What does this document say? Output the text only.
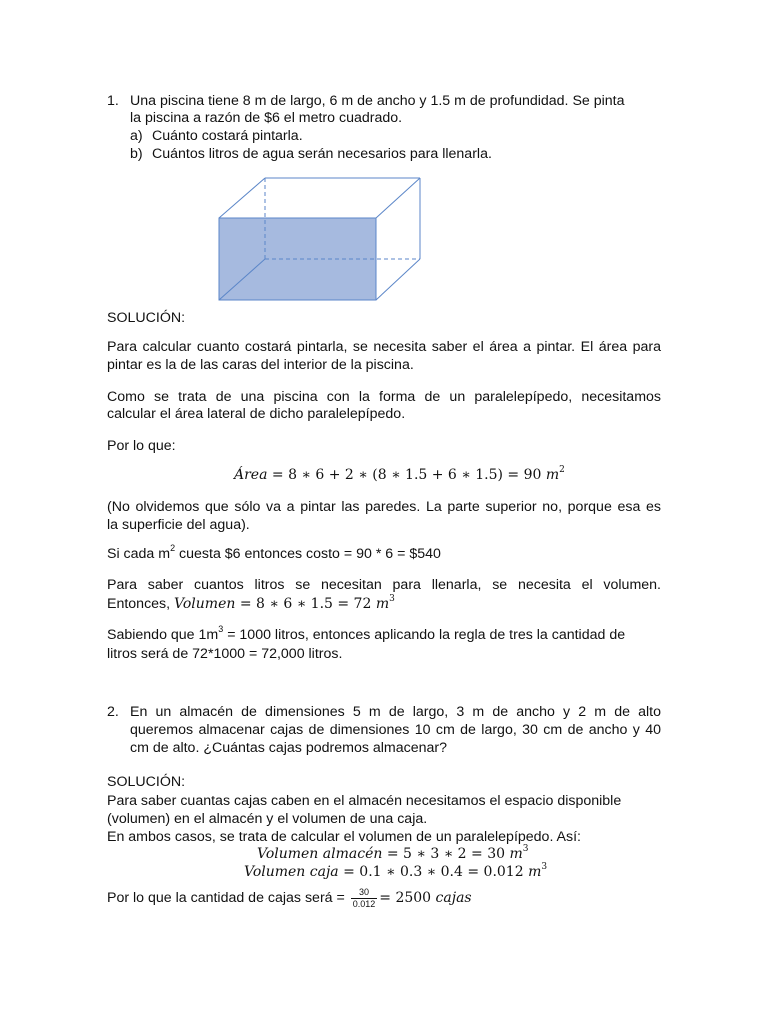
1. Una piscina tiene 8 m de largo, 6 m de ancho y 1.5 m de profundidad. Se pinta
la piscina a razón de $6 el metro cuadrado.
a) Cuánto costará pintarla.
b) Cuántos litros de agua serán necesarios para llenarla.
SOLUCIÓN:
Para calcular cuanto costará pintarla, se necesita saber el área a pintar. El área para
pintar es la de las caras del interior de la piscina.
Como se trata de una piscina con la forma de un paralelepípedo, necesitamos
calcular el área lateral de dicho paralelepípedo.
Por lo que:
Área = 8 ∗ 6 + 2 ∗ (8 ∗ 1.5 + 6 ∗ 1.5) = 90 $m^2$
(No olvidemos que sólo va a pintar las paredes. La parte superior no, porque esa es
la superficie del agua).
Si cada $m^2$ cuesta $6 entonces costo = 90 * 6 = $540
Para saber cuantos litros se necesitan para llenarla, se necesita el volumen.
Entonces, Volumen = 8 ∗ 6 ∗ 1.5 = 72 $m^3$
Sabiendo que $1m^3 = 1000$ litros, entonces aplicando la regla de tres la cantidad de
litros será de 72*1000 = 72,000 litros.
2. En un almacén de dimensiones 5 m de largo, 3 m de ancho y 2 m de alto
queremos almacenar cajas de dimensiones 10 cm de largo, 30 cm de ancho y 40
cm de alto. ¿Cuántas cajas podremos almacenar?
SOLUCIÓN:
Para saber cuantas cajas caben en el almacén necesitamos el espacio disponible
(volumen) en el almacén y el volumen de una caja.
En ambos casos, se trata de calcular el volumen de un paralelepípedo. Así:
Volumen almacén = 5 ∗ 3 ∗ 2 = 30 $m^3$
Volumen caja = 0.1 ∗ 0.3 ∗ 0.4 = 0.012 $m^3$
Por lo que la cantidad de cajas será = $\frac{30}{0.012} = 2500$ cajas
